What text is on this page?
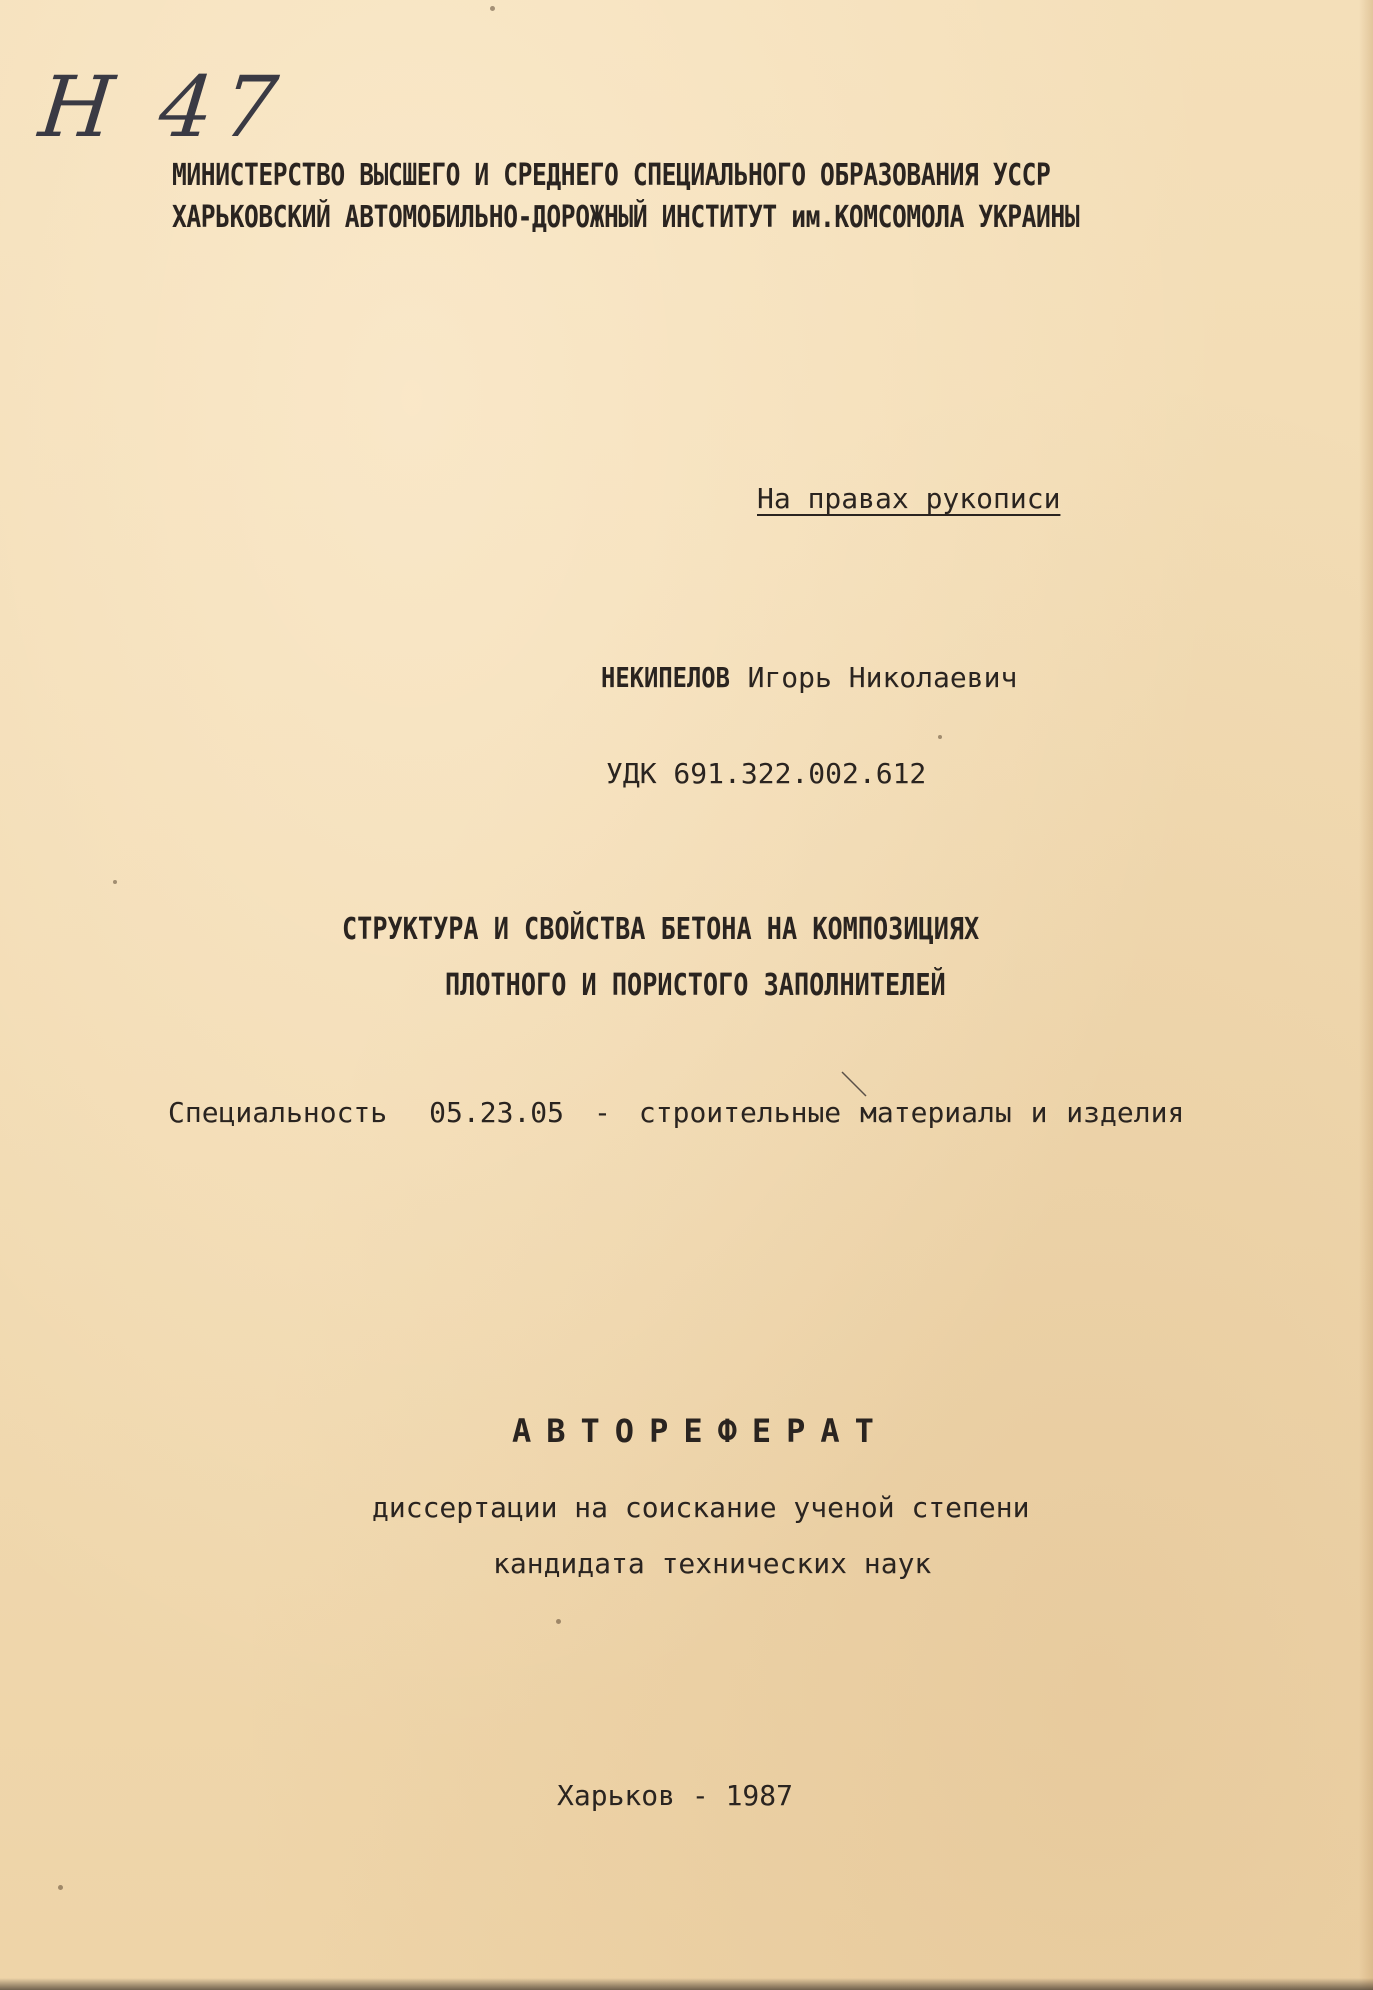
Н 47
МИНИСТЕРСТВО ВЫСШЕГО И СРЕДНЕГО СПЕЦИАЛЬНОГО ОБРАЗОВАНИЯ УССР
ХАРЬКОВСКИЙ АВТОМОБИЛЬНО-ДОРОЖНЫЙ ИНСТИТУТ им.КОМСОМОЛА УКРАИНЫ
На правах рукописи
НЕКИПЕЛОВ Игорь Николаевич
УДК 691.322.002.612
СТРУКТУРА И СВОЙСТВА БЕТОНА НА КОМПОЗИЦИЯХ
ПЛОТНОГО И ПОРИСТОГО ЗАПОЛНИТЕЛЕЙ
Специальность 05.23.05 - строительные материалы и изделия
АВТОРЕФЕРАТ
диссертации на соискание ученой степени
кандидата технических наук
Харьков - 1987
